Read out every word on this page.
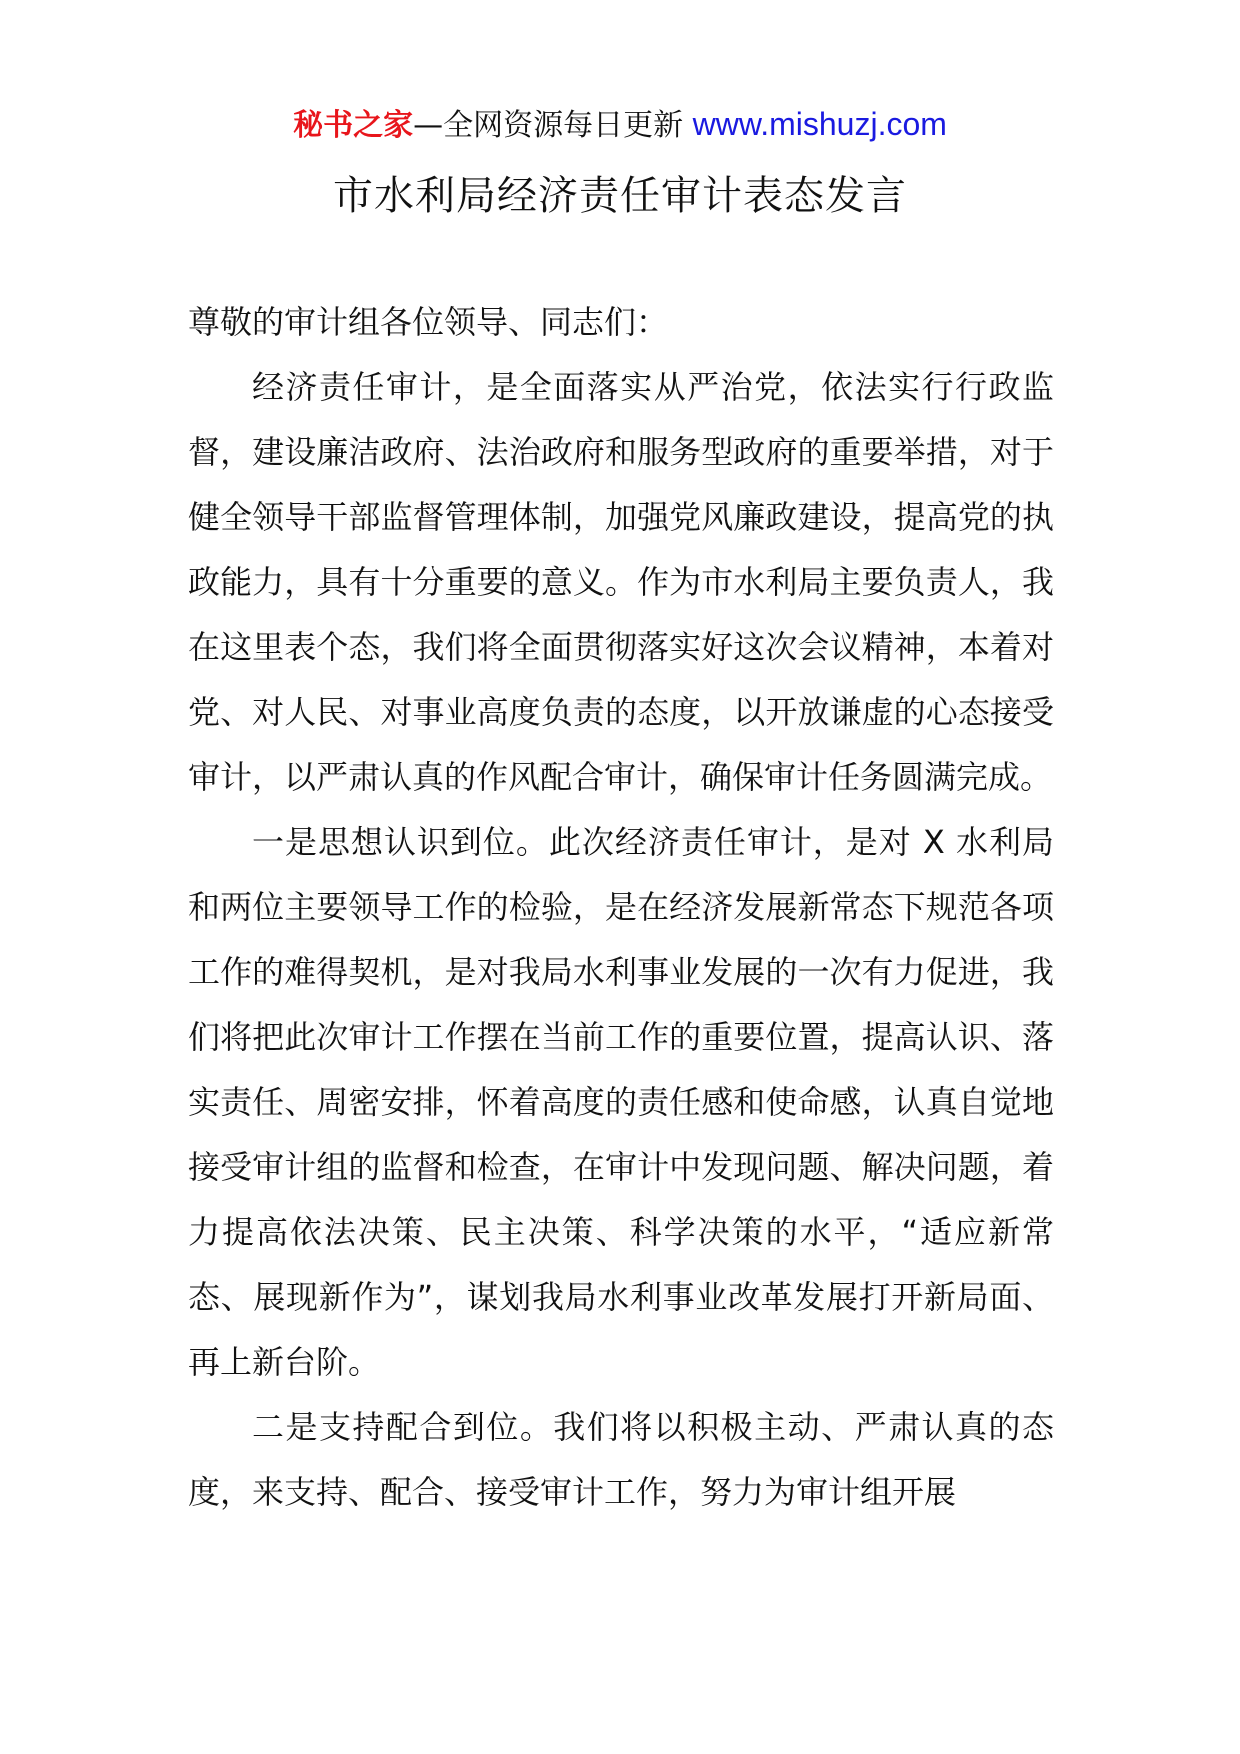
秘书之家—全网资源每日更新 www.mishuzj.com
市水利局经济责任审计表态发言

尊敬的审计组各位领导、同志们：

经济责任审计，是全面落实从严治党，依法实行行政监督，建设廉洁政府、法治政府和服务型政府的重要举措，对于健全领导干部监督管理体制，加强党风廉政建设，提高党的执政能力，具有十分重要的意义。作为市水利局主要负责人，我在这里表个态，我们将全面贯彻落实好这次会议精神，本着对党、对人民、对事业高度负责的态度，以开放谦虚的心态接受审计，以严肃认真的作风配合审计，确保审计任务圆满完成。

一是思想认识到位。此次经济责任审计，是对 X 水利局和两位主要领导工作的检验，是在经济发展新常态下规范各项工作的难得契机，是对我局水利事业发展的一次有力促进，我们将把此次审计工作摆在当前工作的重要位置，提高认识、落实责任、周密安排，怀着高度的责任感和使命感，认真自觉地接受审计组的监督和检查，在审计中发现问题、解决问题，着力提高依法决策、民主决策、科学决策的水平，“适应新常态、展现新作为”，谋划我局水利事业改革发展打开新局面、再上新台阶。

二是支持配合到位。我们将以积极主动、严肃认真的态度，来支持、配合、接受审计工作，努力为审计组开展
